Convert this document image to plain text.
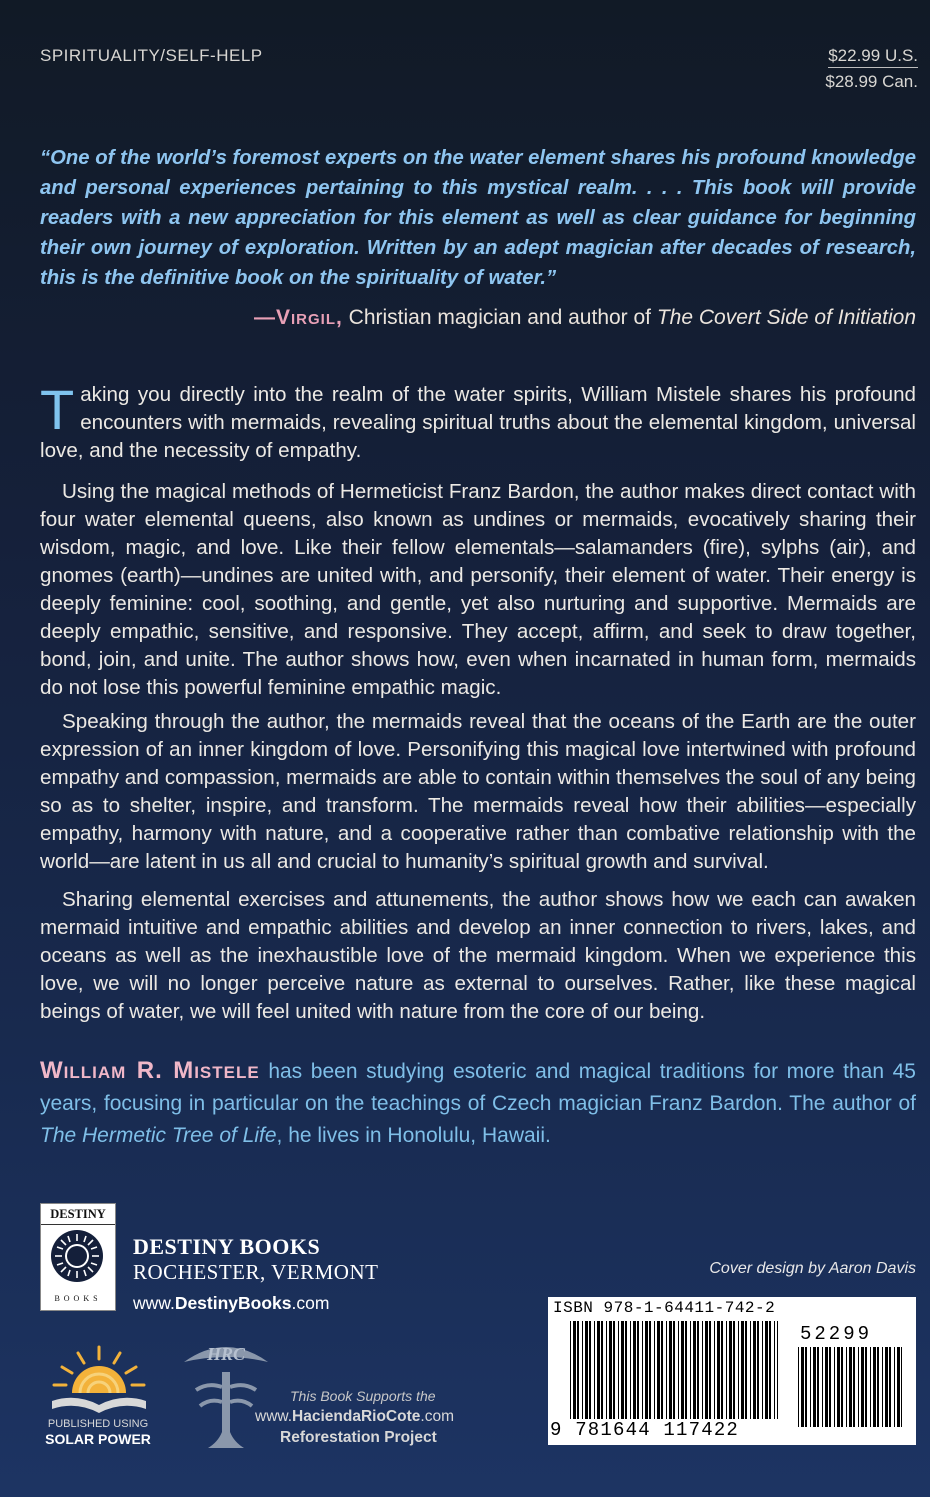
SPIRITUALITY/SELF-HELP	$22.99 U.S.
$28.99 Can.
“One of the world’s foremost experts on the water element shares his profound knowledge and personal experiences pertaining to this mystical realm. . . . This book will provide readers with a new appreciation for this element as well as clear guidance for beginning their own journey of exploration. Written by an adept magician after decades of research, this is the definitive book on the spirituality of water.”
—Virgil, Christian magician and author of The Covert Side of Initiation
Taking you directly into the realm of the water spirits, William Mistele shares his profound encounters with mermaids, revealing spiritual truths about the elemental kingdom, universal love, and the necessity of empathy.
Using the magical methods of Hermeticist Franz Bardon, the author makes direct contact with four water elemental queens, also known as undines or mermaids, evocatively sharing their wisdom, magic, and love. Like their fellow elementals—salamanders (fire), sylphs (air), and gnomes (earth)—undines are united with, and personify, their element of water. Their energy is deeply feminine: cool, soothing, and gentle, yet also nurturing and supportive. Mermaids are deeply empathic, sensitive, and responsive. They accept, affirm, and seek to draw together, bond, join, and unite. The author shows how, even when incarnated in human form, mermaids do not lose this powerful feminine empathic magic.
Speaking through the author, the mermaids reveal that the oceans of the Earth are the outer expression of an inner kingdom of love. Personifying this magical love intertwined with profound empathy and compassion, mermaids are able to contain within themselves the soul of any being so as to shelter, inspire, and transform. The mermaids reveal how their abilities—especially empathy, harmony with nature, and a cooperative rather than combative relationship with the world—are latent in us all and crucial to humanity’s spiritual growth and survival.
Sharing elemental exercises and attunements, the author shows how we each can awaken mermaid intuitive and empathic abilities and develop an inner connection to rivers, lakes, and oceans as well as the inexhaustible love of the mermaid kingdom. When we experience this love, we will no longer perceive nature as external to ourselves. Rather, like these magical beings of water, we will feel united with nature from the core of our being.
William R. Mistele has been studying esoteric and magical traditions for more than 45 years, focusing in particular on the teachings of Czech magician Franz Bardon. The author of The Hermetic Tree of Life, he lives in Honolulu, Hawaii.
DESTINY
BOOKS
DESTINY BOOKS
ROCHESTER, VERMONT
www.DestinyBooks.com
PUBLISHED USING
SOLAR POWER
HRC
This Book Supports the
www.HaciendaRioCote.com
Reforestation Project
Cover design by Aaron Davis
ISBN 978-1-64411-742-2
52299
9 781644 117422
